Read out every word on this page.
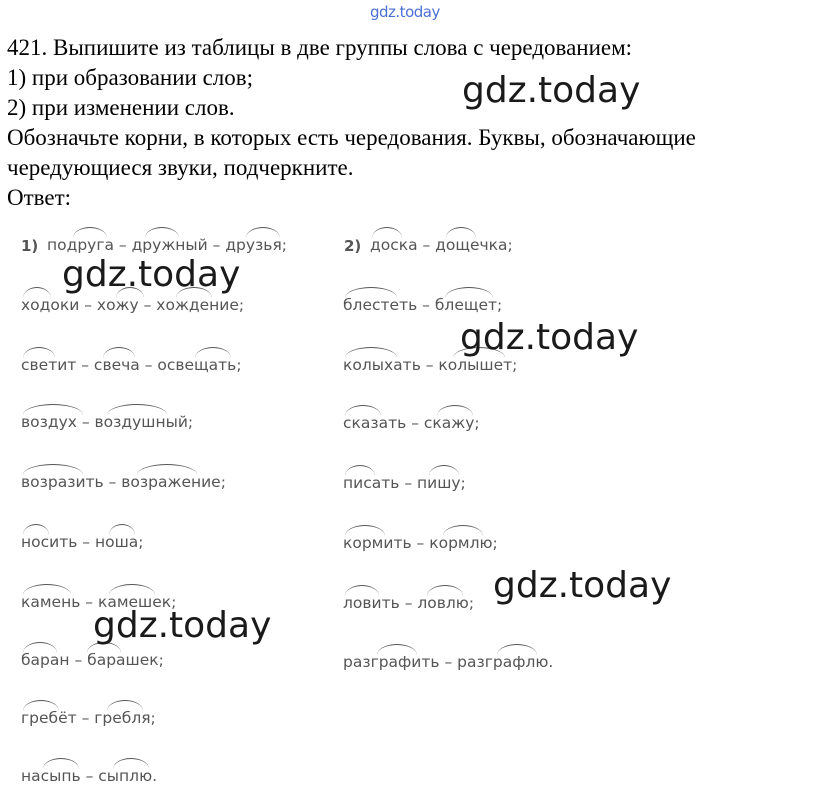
gdz.today
421. Выпишите из таблицы в две группы слова с чередованием:
1) при образовании слов;
2) при изменении слов.
Обозначьте корни, в которых есть чередования. Буквы, обозначающие
чередующиеся звуки, подчеркните.
Ответ:
1)	2)
подруга – дружный – друзья;
ходоки – хожу – хождение;
светит – свеча – освещать;
воздух – воздушный;
возразить – возражение;
носить – ноша;
камень – камешек;
баран – барашек;
гребёт – гребля;
насыпь – сыплю.
доска – дощечка;
блестеть – блещет;
колыхать – колышет;
сказать – скажу;
писать – пишу;
кормить – кормлю;
ловить – ловлю;
разграфить – разграфлю.
gdz.today
gdz.today
gdz.today
gdz.today
gdz.today
